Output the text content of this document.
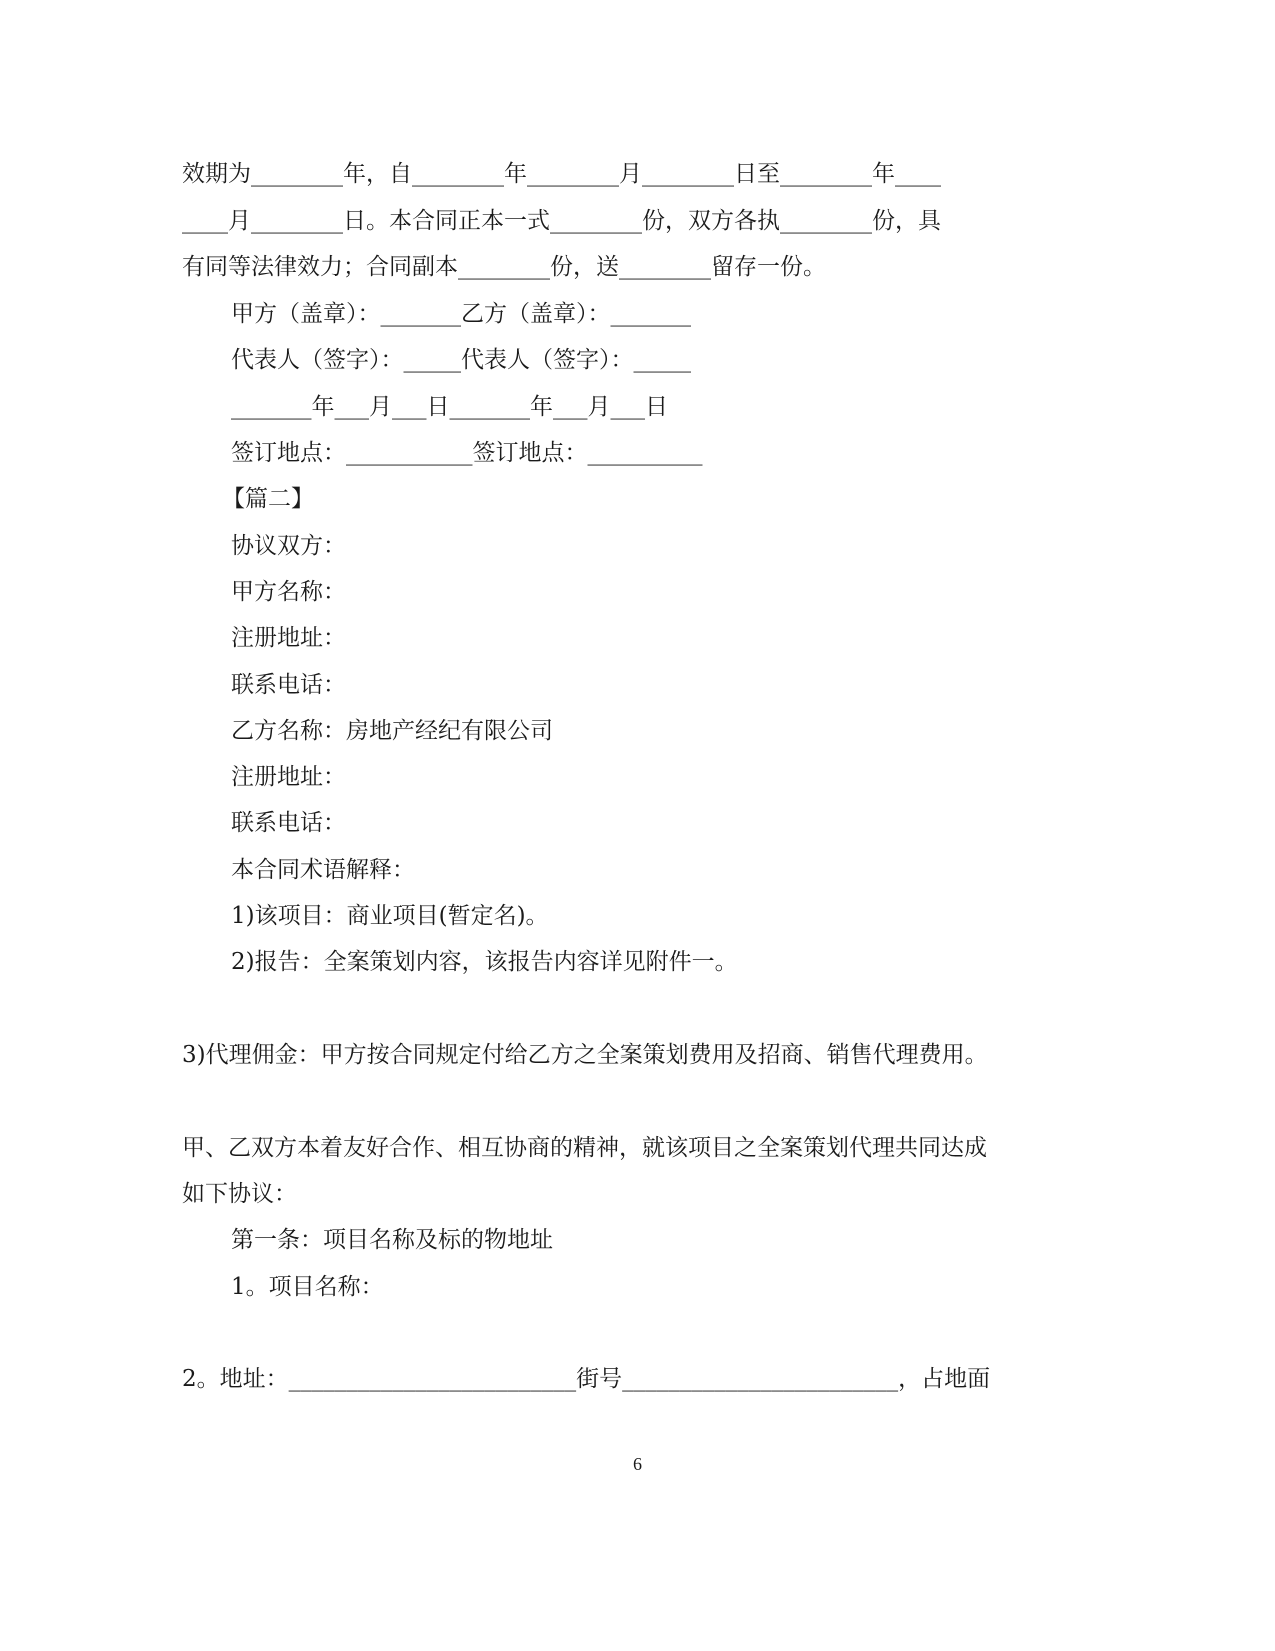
效期为________年，自________年________月________日至________年____
____月________日。本合同正本一式________份，双方各执________份，具
有同等法律效力；合同副本________份，送________留存一份。
甲方（盖章）：_______乙方（盖章）：_______
代表人（签字）：_____代表人（签字）：_____
_______年___月___日_______年___月___日
签订地点：___________签订地点：__________
【篇二】
协议双方：
甲方名称：
注册地址：
联系电话：
乙方名称：房地产经纪有限公司
注册地址：
联系电话：
本合同术语解释：
1)该项目：商业项目(暂定名)。
2)报告：全案策划内容，该报告内容详见附件一。
3)代理佣金：甲方按合同规定付给乙方之全案策划费用及招商、销售代理费用。
甲、乙双方本着友好合作、相互协商的精神，就该项目之全案策划代理共同达成
如下协议：
第一条：项目名称及标的物地址
1。项目名称：
2。地址：_________________________街号________________________，占地面
6
